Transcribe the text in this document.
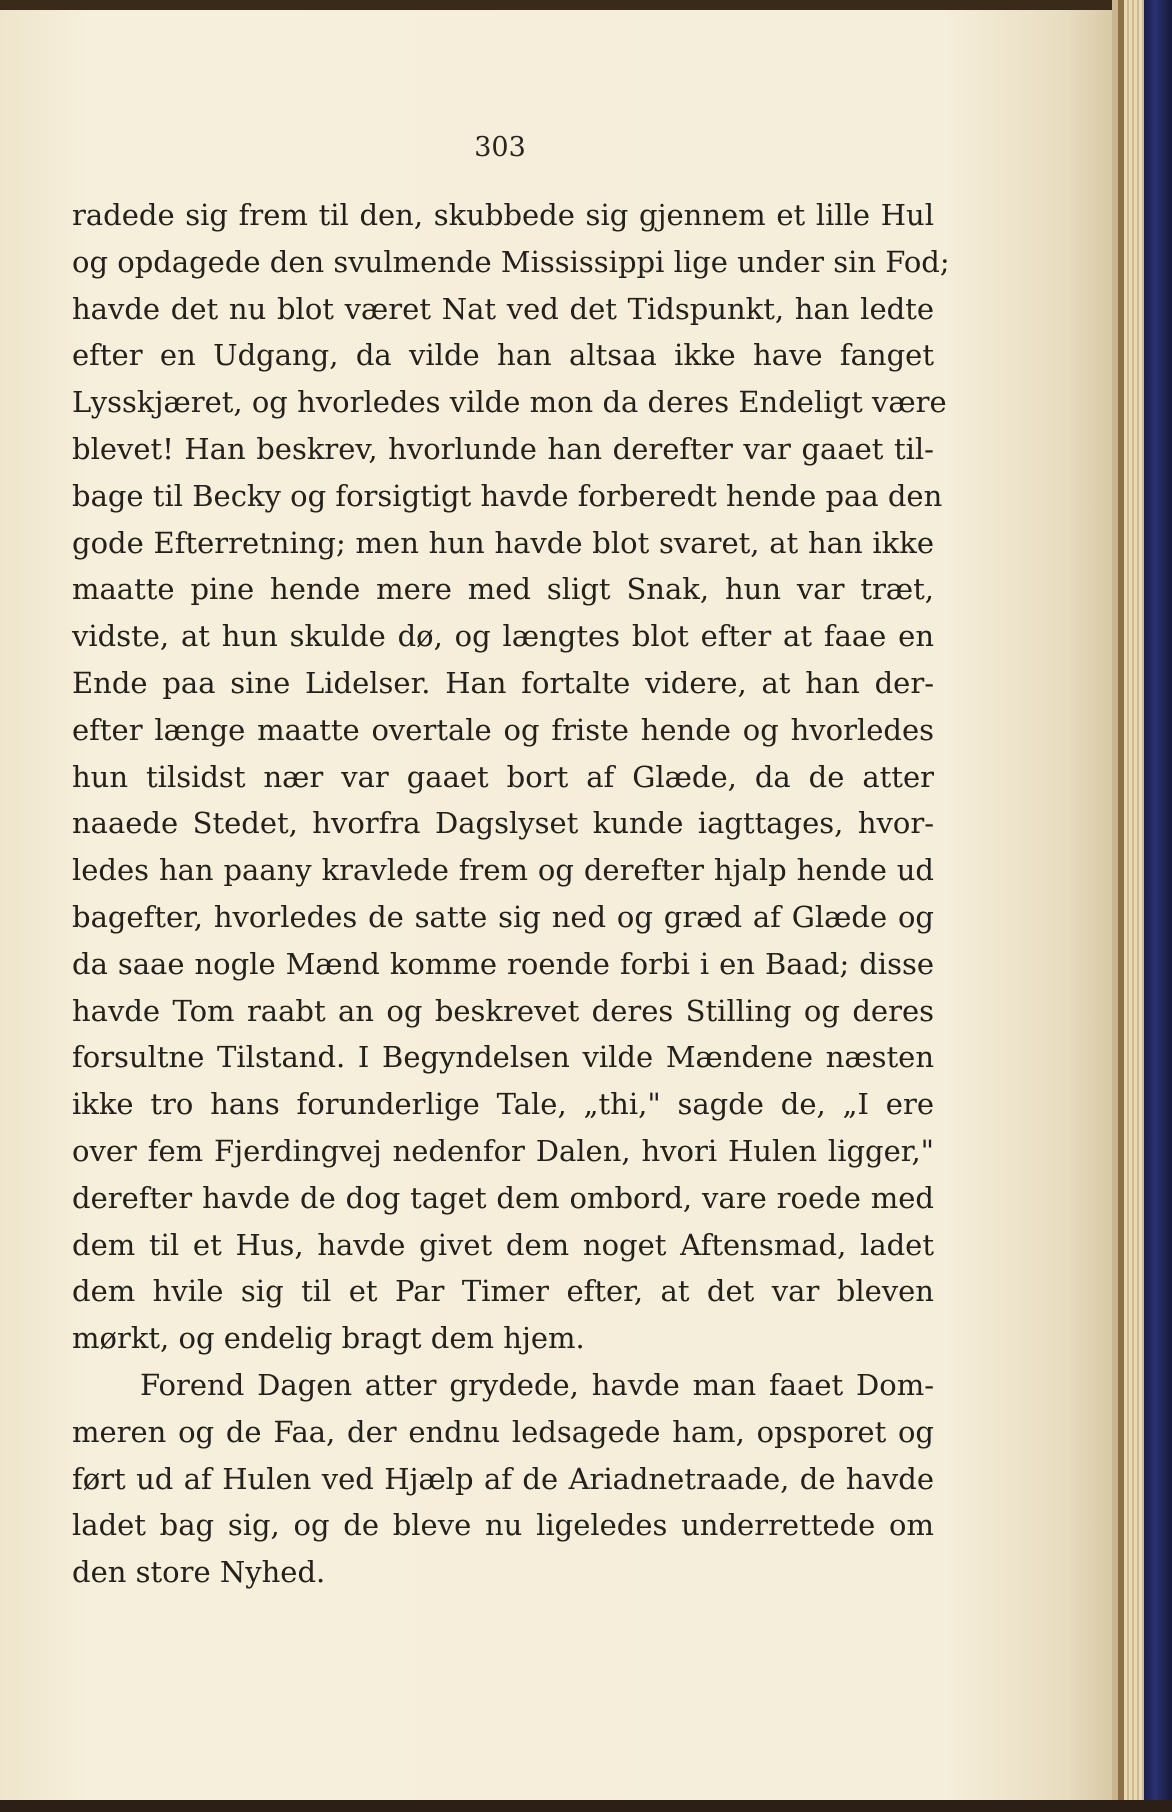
303
radede sig frem til den, skubbede sig gjennem et lille Hul
og opdagede den svulmende Mississippi lige under sin Fod;
havde det nu blot været Nat ved det Tidspunkt, han ledte
efter en Udgang, da vilde han altsaa ikke have fanget
Lysskjæret, og hvorledes vilde mon da deres Endeligt være
blevet! Han beskrev, hvorlunde han derefter var gaaet til-
bage til Becky og forsigtigt havde forberedt hende paa den
gode Efterretning; men hun havde blot svaret, at han ikke
maatte pine hende mere med sligt Snak, hun var træt,
vidste, at hun skulde dø, og længtes blot efter at faae en
Ende paa sine Lidelser. Han fortalte videre, at han der-
efter længe maatte overtale og friste hende og hvorledes
hun tilsidst nær var gaaet bort af Glæde, da de atter
naaede Stedet, hvorfra Dagslyset kunde iagttages, hvor-
ledes han paany kravlede frem og derefter hjalp hende ud
bagefter, hvorledes de satte sig ned og græd af Glæde og
da saae nogle Mænd komme roende forbi i en Baad; disse
havde Tom raabt an og beskrevet deres Stilling og deres
forsultne Tilstand. I Begyndelsen vilde Mændene næsten
ikke tro hans forunderlige Tale, „thi," sagde de, „I ere
over fem Fjerdingvej nedenfor Dalen, hvori Hulen ligger,"
derefter havde de dog taget dem ombord, vare roede med
dem til et Hus, havde givet dem noget Aftensmad, ladet
dem hvile sig til et Par Timer efter, at det var bleven
mørkt, og endelig bragt dem hjem.
Forend Dagen atter grydede, havde man faaet Dom-
meren og de Faa, der endnu ledsagede ham, opsporet og
ført ud af Hulen ved Hjælp af de Ariadnetraade, de havde
ladet bag sig, og de bleve nu ligeledes underrettede om
den store Nyhed.
